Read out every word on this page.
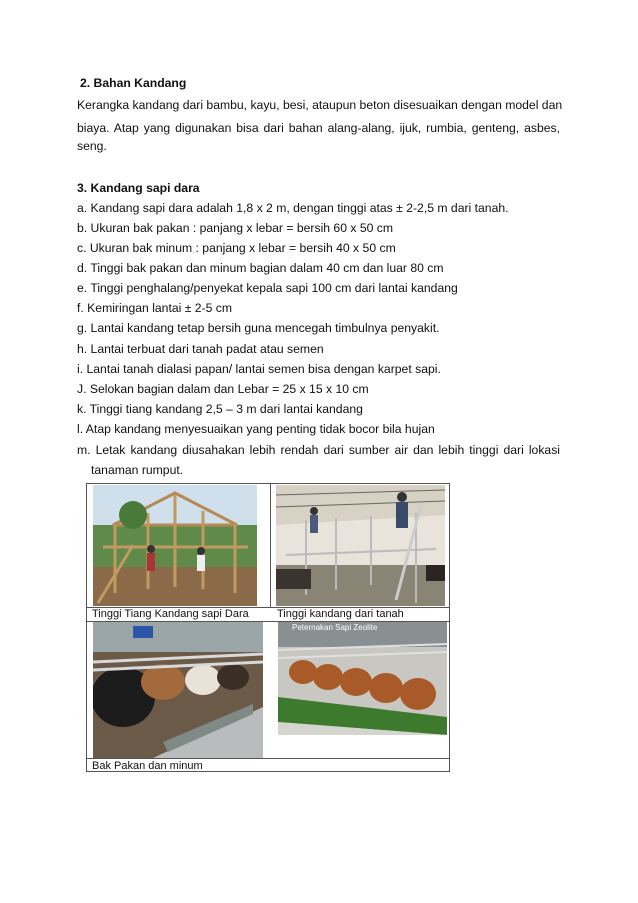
2. Bahan Kandang
Kerangka kandang dari bambu, kayu, besi, ataupun beton disesuaikan dengan model dan
biaya. Atap yang digunakan bisa dari bahan alang-alang, ijuk, rumbia, genteng, asbes,
seng.
3. Kandang sapi dara
a. Kandang sapi dara adalah 1,8 x 2 m, dengan tinggi atas ± 2-2,5 m dari tanah.
b. Ukuran bak pakan : panjang x lebar = bersih 60 x 50 cm
c. Ukuran bak minum : panjang x lebar = bersih 40 x 50 cm
d. Tinggi bak pakan dan minum bagian dalam 40 cm dan luar 80 cm
e. Tinggi penghalang/penyekat kepala sapi 100 cm dari lantai kandang
f. Kemiringan lantai ± 2-5 cm
g. Lantai kandang tetap bersih guna mencegah timbulnya penyakit.
h. Lantai terbuat dari tanah padat atau semen
i. Lantai tanah dialasi papan/ lantai semen bisa dengan karpet sapi.
J. Selokan bagian dalam dan Lebar = 25 x 15 x 10 cm
k. Tinggi tiang kandang 2,5 – 3 m dari lantai kandang
l. Atap kandang menyesuaikan yang penting tidak bocor bila hujan
m. Letak kandang diusahakan lebih rendah dari sumber air dan lebih tinggi dari lokasi
tanaman rumput.
Tinggi Tiang Kandang sapi Dara	Tinggi kandang dari tanah
Peternakan Sapi Zeolite
Bak Pakan dan minum
